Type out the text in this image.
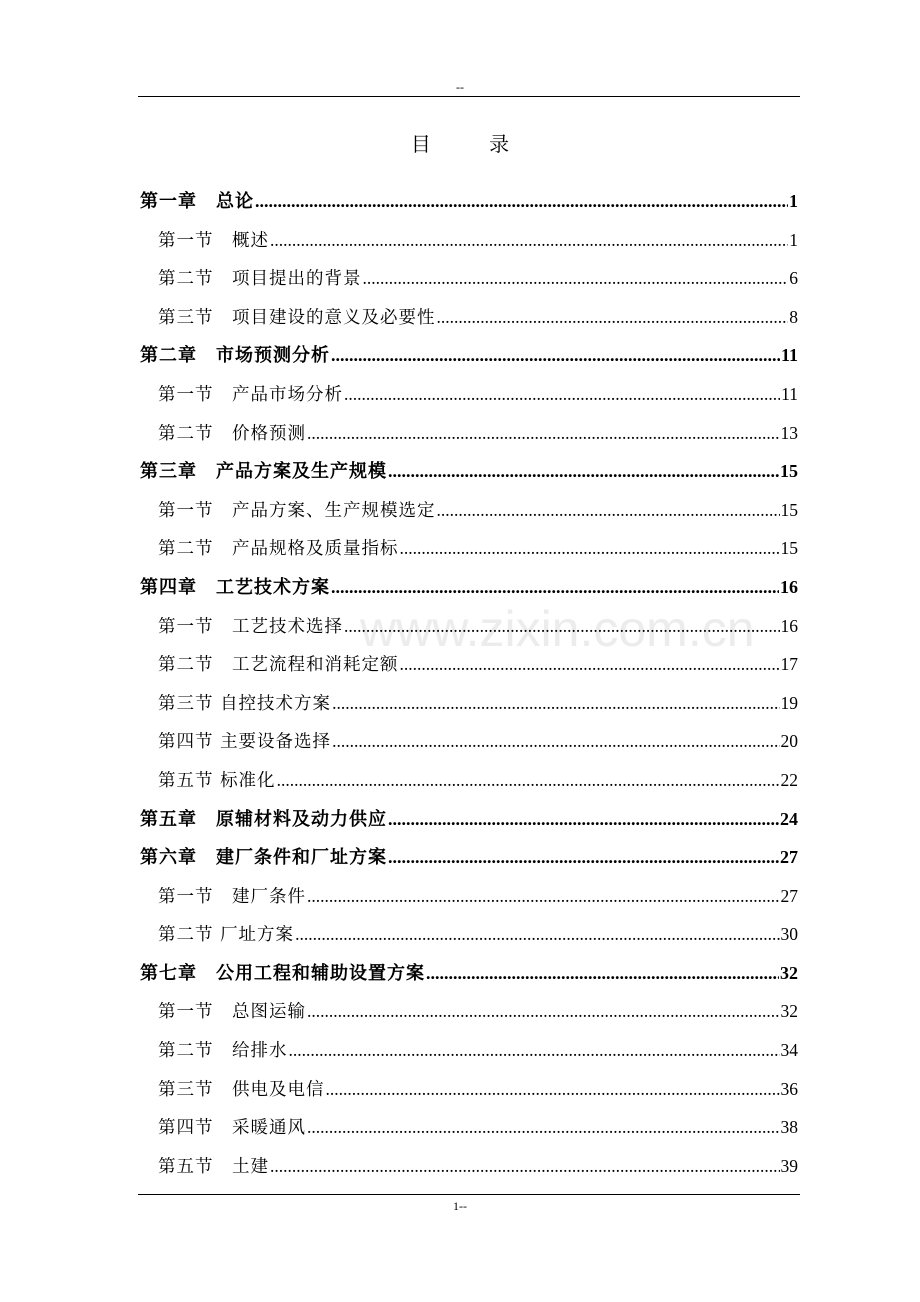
--
目 录
www.zixin.com.cn
第一章　总论 .....	1
第一节　概述 .....	1
第二节　项目提出的背景 .....	6
第三节　项目建设的意义及必要性 .....	8
第二章　市场预测分析 .....	11
第一节　产品市场分析 .....	11
第二节　价格预测 .....	13
第三章　产品方案及生产规模 .....	15
第一节　产品方案、生产规模选定 .....	15
第二节　产品规格及质量指标 .....	15
第四章　工艺技术方案 .....	16
第一节　工艺技术选择 .....	16
第二节　工艺流程和消耗定额 .....	17
第三节 自控技术方案 .....	19
第四节 主要设备选择 .....	20
第五节 标准化 .....	22
第五章　原辅材料及动力供应 .....	24
第六章　建厂条件和厂址方案 .....	27
第一节　建厂条件 .....	27
第二节 厂址方案 .....	30
第七章　公用工程和辅助设置方案 .....	32
第一节　总图运输 .....	32
第二节　给排水 .....	34
第三节　供电及电信 .....	36
第四节　采暖通风 .....	38
第五节　土建 .....	39
1--
